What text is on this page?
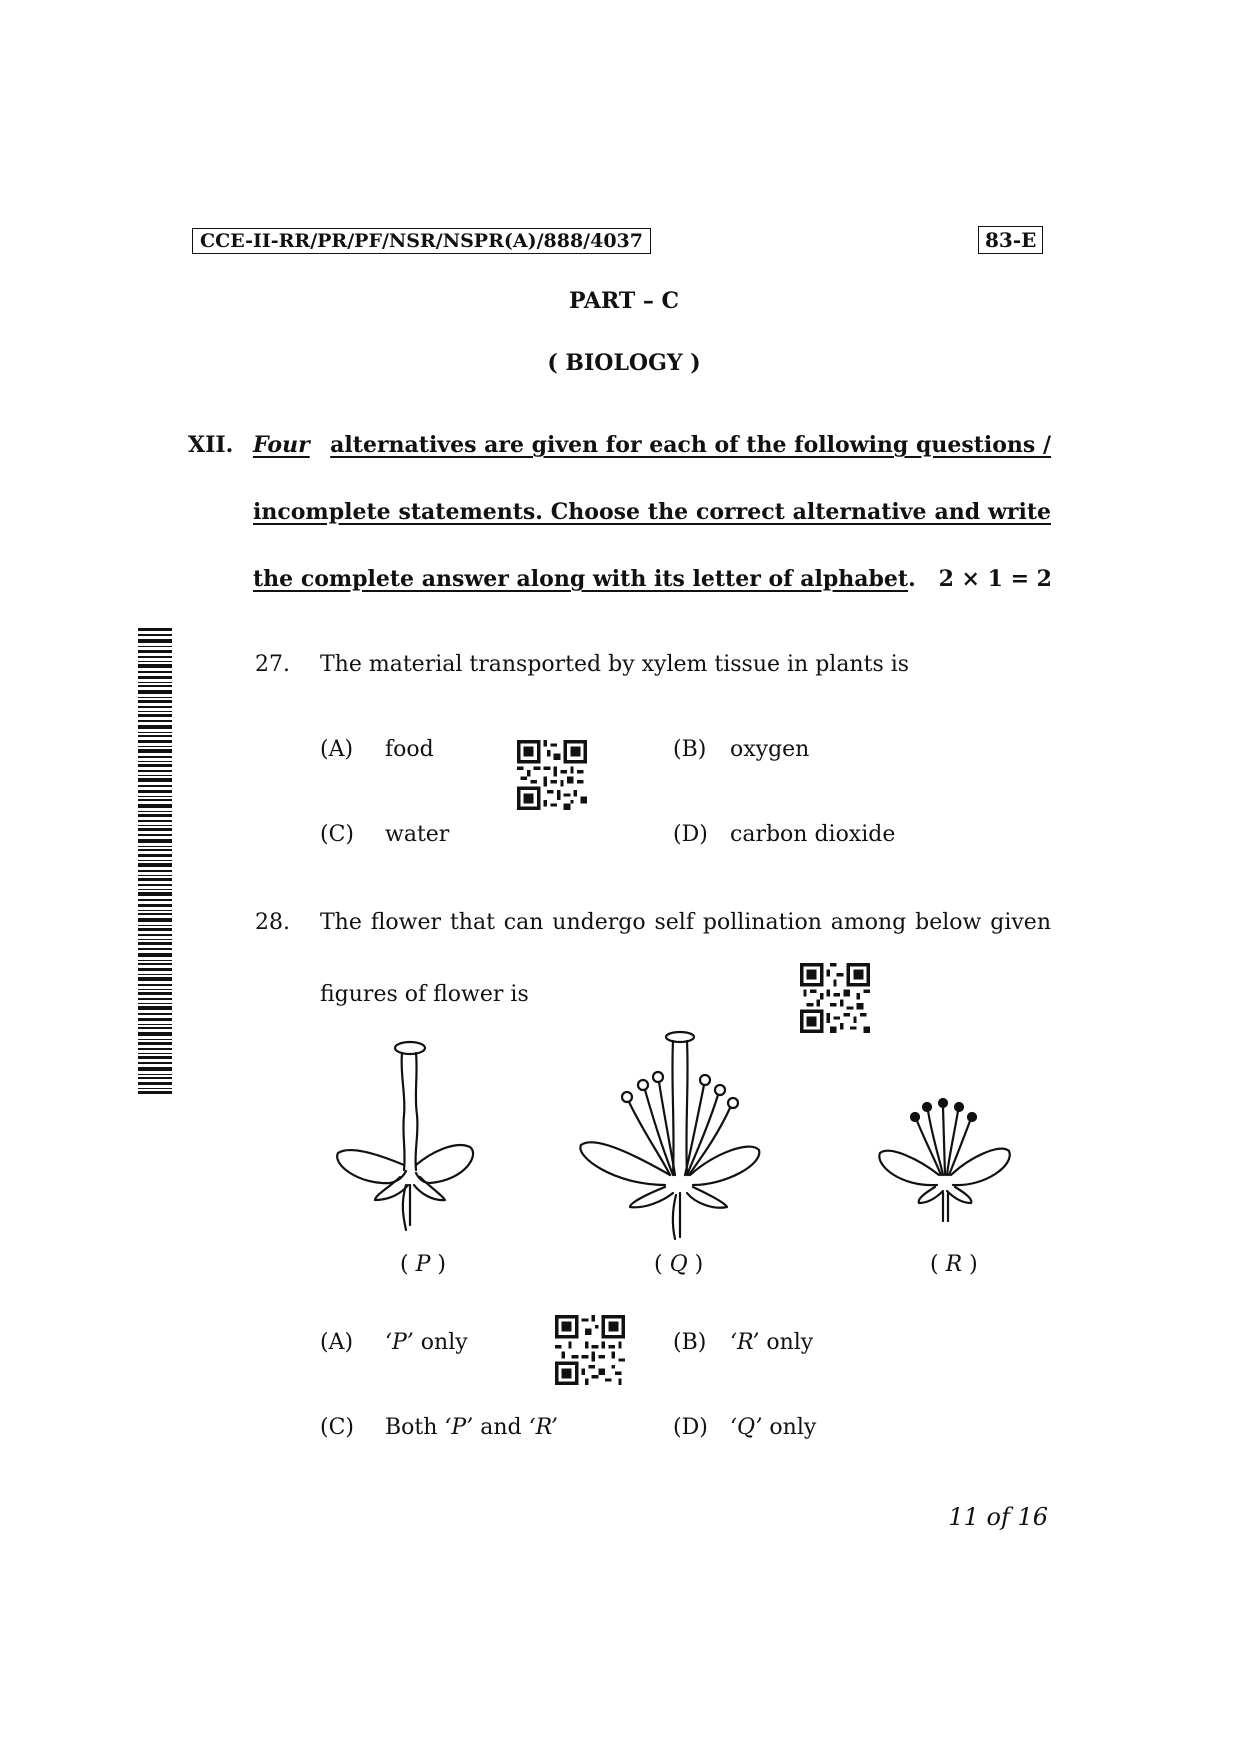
CCE-II-RR/PR/PF/NSR/NSPR(A)/888/4037	83-E
PART – C
( BIOLOGY )
XII. Four alternatives are given for each of the following questions /
incomplete statements. Choose the correct alternative and write
the complete answer along with its letter of alphabet.	2 × 1 = 2
27. The material transported by xylem tissue in plants is
(A) food	(B) oxygen
(C) water	(D) carbon dioxide
28. The flower that can undergo self pollination among below given
figures of flower is
( P )	( Q )	( R )
(A) ‘P’ only	(B) ‘R’ only
(C) Both ‘P’ and ‘R’	(D) ‘Q’ only
11 of 16
